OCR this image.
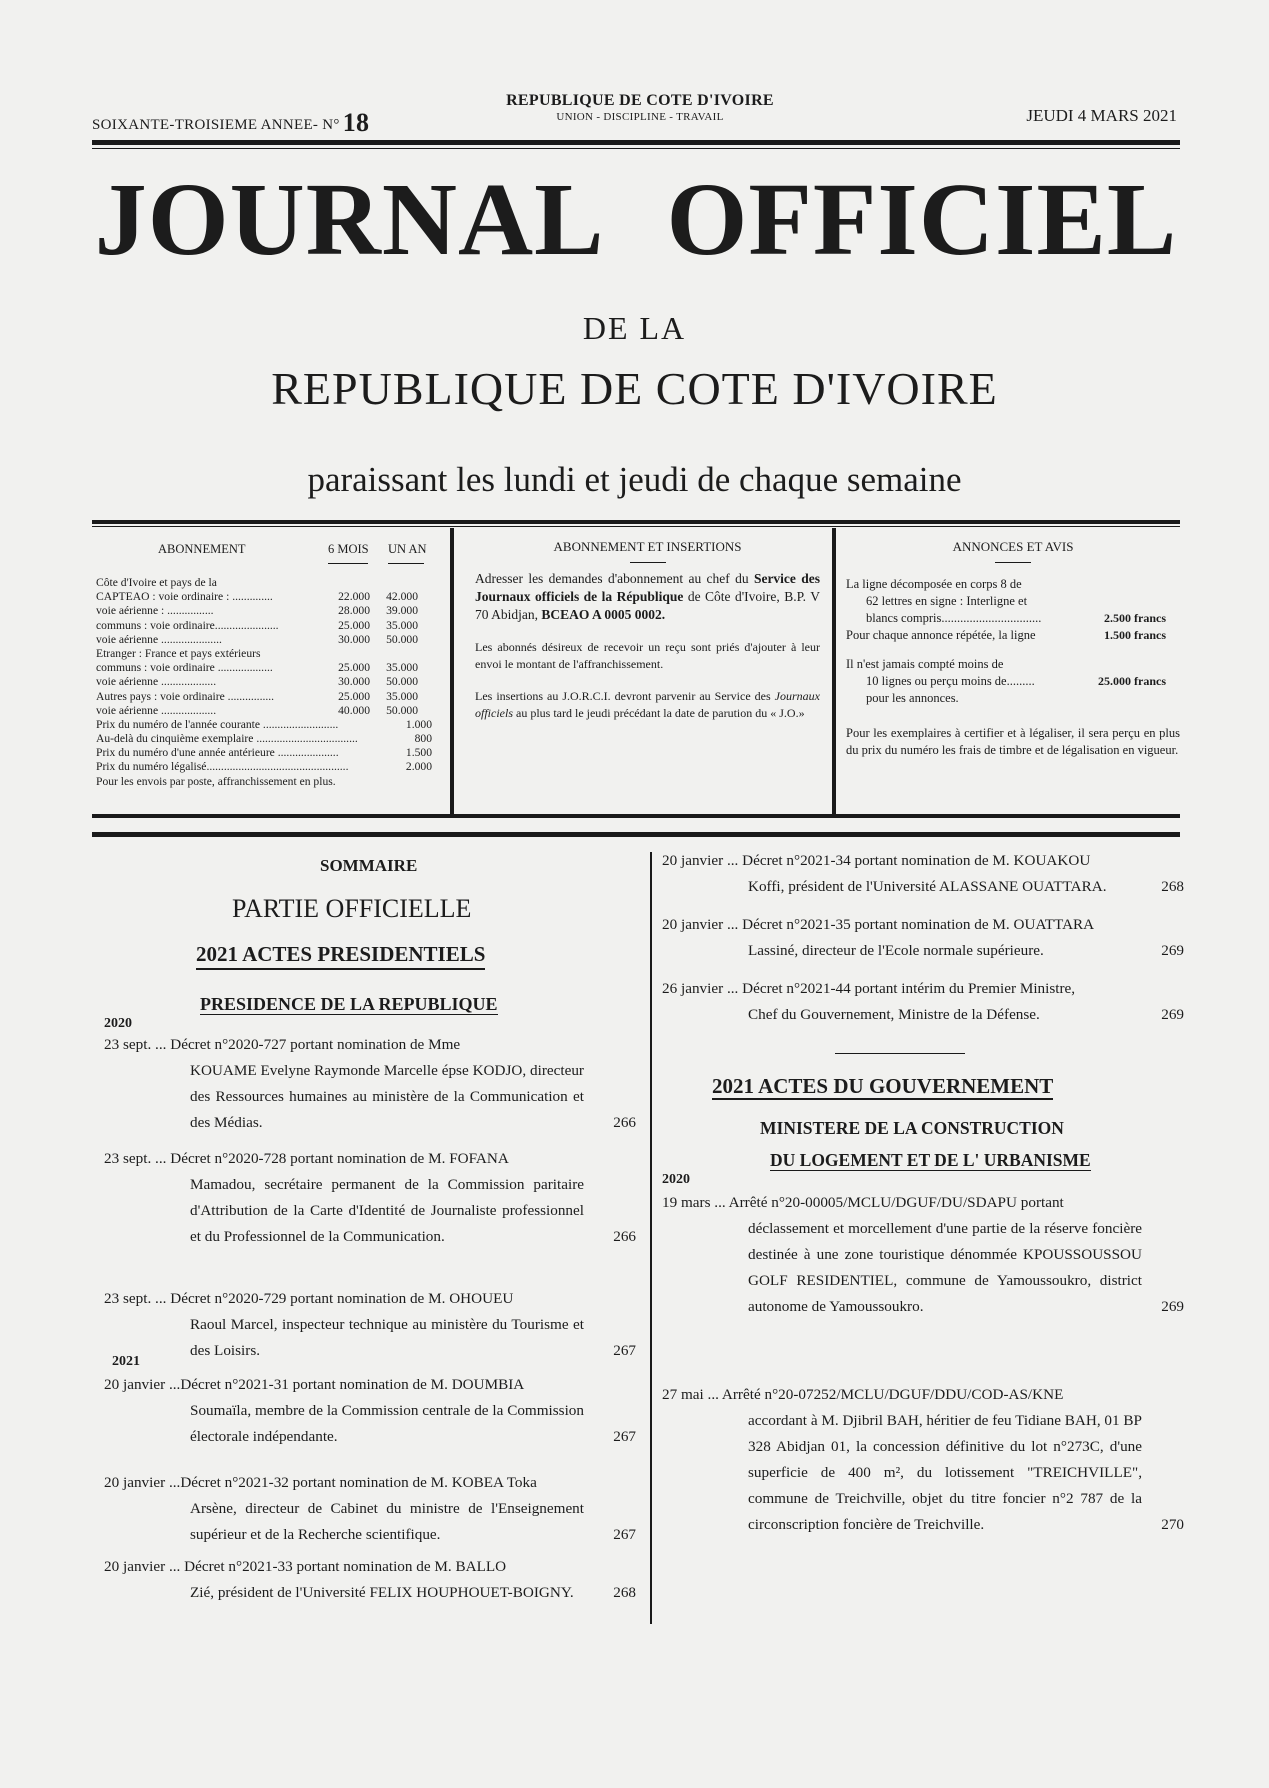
SOIXANTE-TROISIEME ANNEE- N° 18
REPUBLIQUE DE COTE D'IVOIRE
UNION - DISCIPLINE - TRAVAIL	JEUDI 4 MARS 2021
JOURNAL OFFICIEL
DE LA
REPUBLIQUE DE COTE D'IVOIRE
paraissant les lundi et jeudi de chaque semaine
ABONNEMENT	6 MOIS UN AN
Côte d'Ivoire et pays de la
CAPTEAO : voie ordinaire : ..............	22.000 42.000
voie aérienne : ................	28.000 39.000
communs : voie ordinaire......................	25.000 35.000
voie aérienne .....................	30.000 50.000
Etranger : France et pays extérieurs
communs : voie ordinaire ...................	25.000 35.000
voie aérienne ...................	30.000 50.000
Autres pays : voie ordinaire ................	25.000 35.000
voie aérienne ...................	40.000 50.000
Prix du numéro de l'année courante ..........................	1.000
Au-delà du cinquième exemplaire ...................................	800
Prix du numéro d'une année antérieure .....................	1.500
Prix du numéro légalisé.................................................	2.000
Pour les envois par poste, affranchissement en plus.
ABONNEMENT ET INSERTIONS

Adresser les demandes d'abonnement au chef du Service des Journaux officiels de la République de Côte d'Ivoire, B.P. V 70 Abidjan, BCEAO A 0005 0002.

Les abonnés désireux de recevoir un reçu sont priés d'ajouter à leur envoi le montant de l'affranchissement.

Les insertions au J.O.R.C.I. devront parvenir au Service des Journaux officiels au plus tard le jeudi précédant la date de parution du « J.O.»

ANNONCES ET AVIS
La ligne décomposée en corps 8 de
62 lettres en signe : Interligne et
blancs compris................................	2.500 francs
Pour chaque annonce répétée, la ligne	1.500 francs
Il n'est jamais compté moins de
10 lignes ou perçu moins de.........	25.000 francs
pour les annonces.
Pour les exemplaires à certifier et à légaliser, il sera perçu en plus du prix du numéro les frais de timbre et de légalisation en vigueur.
SOMMAIRE
PARTIE OFFICIELLE
2021 ACTES PRESIDENTIELS
PRESIDENCE DE LA REPUBLIQUE
2020
2021
23 sept. ... Décret n°2020-727 portant nomination de Mme
KOUAME Evelyne Raymonde Marcelle épse KODJO, directeur des Ressources humaines au ministère de la Communication et des Médias.	266
23 sept. ... Décret n°2020-728 portant nomination de M. FOFANA
Mamadou, secrétaire permanent de la Commission paritaire d'Attribution de la Carte d'Identité de Journaliste professionnel et du Professionnel de la Communication.	266
23 sept. ... Décret n°2020-729 portant nomination de M. OHOUEU
Raoul Marcel, inspecteur technique au ministère du Tourisme et des Loisirs.	267
20 janvier ...Décret n°2021-31 portant nomination de M. DOUMBIA
Soumaïla, membre de la Commission centrale de la Commission électorale indépendante.	267
20 janvier ...Décret n°2021-32 portant nomination de M. KOBEA Toka
Arsène, directeur de Cabinet du ministre de l'Enseignement supérieur et de la Recherche scientifique.	267
20 janvier ... Décret n°2021-33 portant nomination de M. BALLO
Zié, président de l'Université FELIX HOUPHOUET-BOIGNY.	268
20 janvier ... Décret n°2021-34 portant nomination de M. KOUAKOU
Koffi, président de l'Université ALASSANE OUATTARA.	268
20 janvier ... Décret n°2021-35 portant nomination de M. OUATTARA
Lassiné, directeur de l'Ecole normale supérieure.	269
26 janvier ... Décret n°2021-44 portant intérim du Premier Ministre,
Chef du Gouvernement, Ministre de la Défense.	269
2021 ACTES DU GOUVERNEMENT
MINISTERE DE LA CONSTRUCTION
DU LOGEMENT ET DE L' URBANISME
2020
19 mars ... Arrêté n°20-00005/MCLU/DGUF/DU/SDAPU portant
déclassement et morcellement d'une partie de la réserve foncière destinée à une zone touristique dénommée KPOUSSOUSSOU GOLF RESIDENTIEL, commune de Yamoussoukro, district autonome de Yamoussoukro.	269
27 mai ... Arrêté n°20-07252/MCLU/DGUF/DDU/COD-AS/KNE
accordant à M. Djibril BAH, héritier de feu Tidiane BAH, 01 BP 328 Abidjan 01, la concession définitive du lot n°273C, d'une superficie de 400 m², du lotissement "TREICHVILLE", commune de Treichville, objet du titre foncier n°2 787 de la circonscription foncière de Treichville.	270
